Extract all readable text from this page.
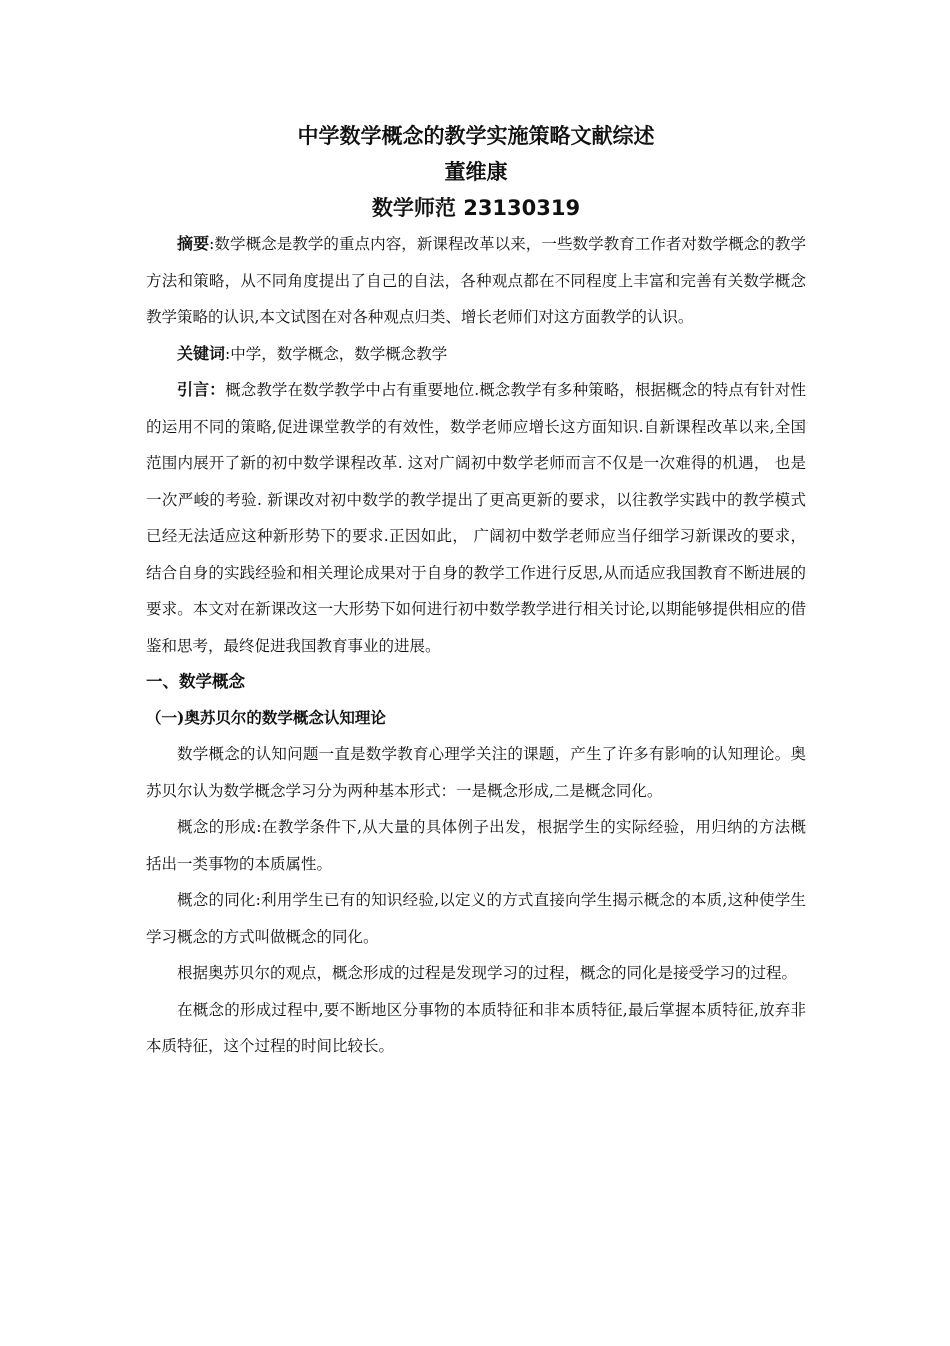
中学数学概念的教学实施策略文献综述
董维康
数学师范 23130319

摘要:数学概念是教学的重点内容，新课程改革以来，一些数学教育工作者对数学概念的教学方法和策略，从不同角度提出了自己的自法，各种观点都在不同程度上丰富和完善有关数学概念教学策略的认识,本文试图在对各种观点归类、增长老师们对这方面教学的认识。

关键词:中学，数学概念，数学概念教学

引言：概念教学在数学教学中占有重要地位.概念教学有多种策略，根据概念的特点有针对性的运用不同的策略,促进课堂教学的有效性，数学老师应增长这方面知识.自新课程改革以来,全国范围内展开了新的初中数学课程改革. 这对广阔初中数学老师而言不仅是一次难得的机遇， 也是一次严峻的考验. 新课改对初中数学的教学提出了更高更新的要求，以往教学实践中的教学模式已经无法适应这种新形势下的要求.正因如此， 广阔初中数学老师应当仔细学习新课改的要求， 结合自身的实践经验和相关理论成果对于自身的教学工作进行反思,从而适应我国教育不断进展的要求。本文对在新课改这一大形势下如何进行初中数学教学进行相关讨论,以期能够提供相应的借鉴和思考，最终促进我国教育事业的进展。

一、数学概念
（一)奥苏贝尔的数学概念认知理论

数学概念的认知问题一直是数学教育心理学关注的课题，产生了许多有影响的认知理论。奥苏贝尔认为数学概念学习分为两种基本形式：一是概念形成,二是概念同化。

概念的形成:在教学条件下,从大量的具体例子出发，根据学生的实际经验，用归纳的方法概括出一类事物的本质属性。

概念的同化:利用学生已有的知识经验,以定义的方式直接向学生揭示概念的本质,这种使学生学习概念的方式叫做概念的同化。

根据奥苏贝尔的观点，概念形成的过程是发现学习的过程，概念的同化是接受学习的过程。

在概念的形成过程中,要不断地区分事物的本质特征和非本质特征,最后掌握本质特征,放弃非本质特征，这个过程的时间比较长。
